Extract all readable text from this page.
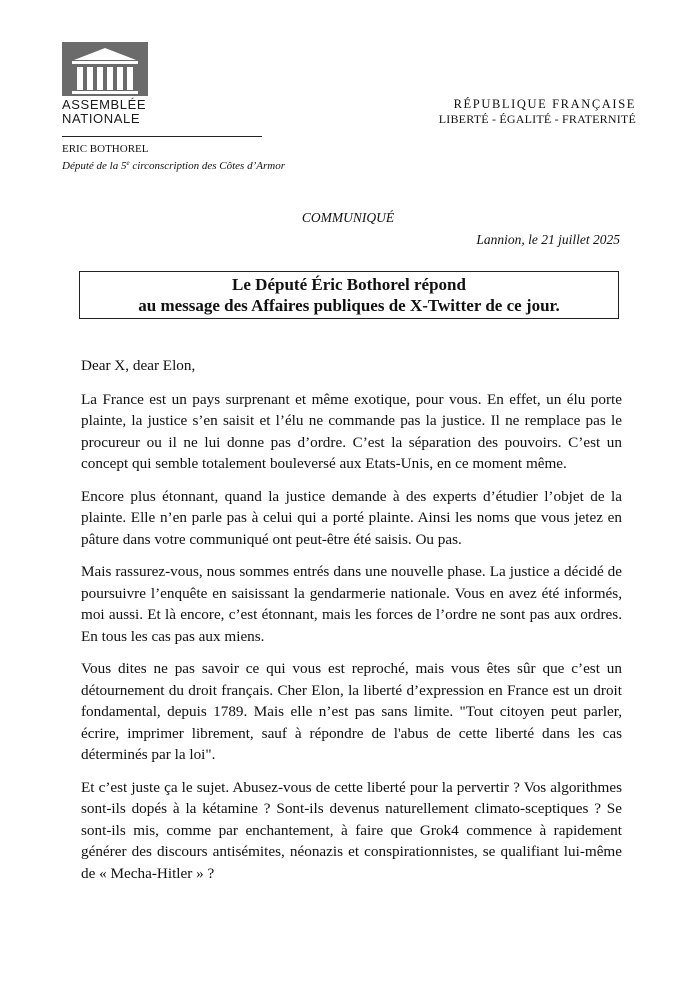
ASSEMBLÉE
NATIONALE
RÉPUBLIQUE FRANÇAISE
LIBERTÉ - ÉGALITÉ - FRATERNITÉ
ERIC BOTHOREL
Député de la 5e circonscription des Côtes d’Armor
COMMUNIQUÉ
Lannion, le 21 juillet 2025
Le Député Éric Bothorel répond
au message des Affaires publiques de X-Twitter de ce jour.

Dear X, dear Elon,

La France est un pays surprenant et même exotique, pour vous. En effet, un élu porte plainte, la justice s’en saisit et l’élu ne commande pas la justice. Il ne remplace pas le procureur ou il ne lui donne pas d’ordre. C’est la séparation des pouvoirs. C’est un concept qui semble totalement bouleversé aux Etats-Unis, en ce moment même.

Encore plus étonnant, quand la justice demande à des experts d’étudier l’objet de la plainte. Elle n’en parle pas à celui qui a porté plainte. Ainsi les noms que vous jetez en pâture dans votre communiqué ont peut-être été saisis. Ou pas.

Mais rassurez-vous, nous sommes entrés dans une nouvelle phase. La justice a décidé de poursuivre l’enquête en saisissant la gendarmerie nationale. Vous en avez été informés, moi aussi. Et là encore, c’est étonnant, mais les forces de l’ordre ne sont pas aux ordres. En tous les cas pas aux miens.

Vous dites ne pas savoir ce qui vous est reproché, mais vous êtes sûr que c’est un détournement du droit français. Cher Elon, la liberté d’expression en France est un droit fondamental, depuis 1789. Mais elle n’est pas sans limite. "Tout citoyen peut parler, écrire, imprimer librement, sauf à répondre de l'abus de cette liberté dans les cas déterminés par la loi".

Et c’est juste ça le sujet. Abusez-vous de cette liberté pour la pervertir ? Vos algorithmes sont-ils dopés à la kétamine ? Sont-ils devenus naturellement climato-sceptiques ? Se sont-ils mis, comme par enchantement, à faire que Grok4 commence à rapidement générer des discours antisémites, néonazis et conspirationnistes, se qualifiant lui-même de « Mecha-Hitler » ?
